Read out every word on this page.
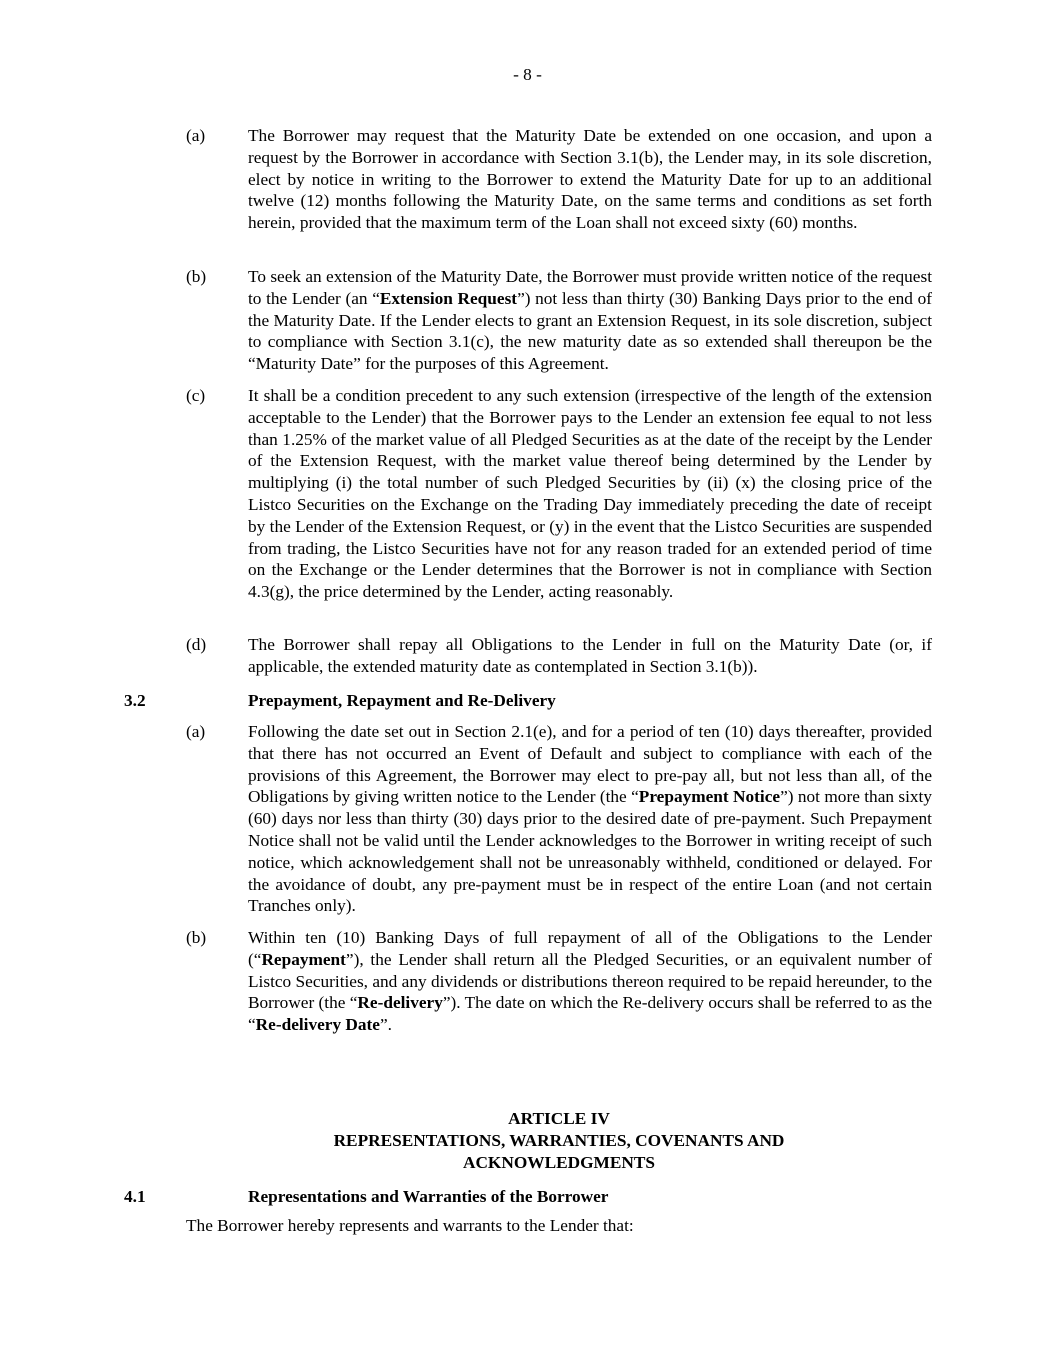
- 8 -
(a) The Borrower may request that the Maturity Date be extended on one occasion, and upon a request by the Borrower in accordance with Section 3.1(b), the Lender may, in its sole discretion, elect by notice in writing to the Borrower to extend the Maturity Date for up to an additional twelve (12) months following the Maturity Date, on the same terms and conditions as set forth herein, provided that the maximum term of the Loan shall not exceed sixty (60) months.
(b) To seek an extension of the Maturity Date, the Borrower must provide written notice of the request to the Lender (an “Extension Request”) not less than thirty (30) Banking Days prior to the end of the Maturity Date. If the Lender elects to grant an Extension Request, in its sole discretion, subject to compliance with Section 3.1(c), the new maturity date as so extended shall thereupon be the “Maturity Date” for the purposes of this Agreement.
(c) It shall be a condition precedent to any such extension (irrespective of the length of the extension acceptable to the Lender) that the Borrower pays to the Lender an extension fee equal to not less than 1.25% of the market value of all Pledged Securities as at the date of the receipt by the Lender of the Extension Request, with the market value thereof being determined by the Lender by multiplying (i) the total number of such Pledged Securities by (ii) (x) the closing price of the Listco Securities on the Exchange on the Trading Day immediately preceding the date of receipt by the Lender of the Extension Request, or (y) in the event that the Listco Securities are suspended from trading, the Listco Securities have not for any reason traded for an extended period of time on the Exchange or the Lender determines that the Borrower is not in compliance with Section 4.3(g), the price determined by the Lender, acting reasonably.
(d) The Borrower shall repay all Obligations to the Lender in full on the Maturity Date (or, if applicable, the extended maturity date as contemplated in Section 3.1(b)).
3.2	Prepayment, Repayment and Re-Delivery
(a) Following the date set out in Section 2.1(e), and for a period of ten (10) days thereafter, provided that there has not occurred an Event of Default and subject to compliance with each of the provisions of this Agreement, the Borrower may elect to pre-pay all, but not less than all, of the Obligations by giving written notice to the Lender (the “Prepayment Notice”) not more than sixty (60) days nor less than thirty (30) days prior to the desired date of pre-payment. Such Prepayment Notice shall not be valid until the Lender acknowledges to the Borrower in writing receipt of such notice, which acknowledgement shall not be unreasonably withheld, conditioned or delayed. For the avoidance of doubt, any pre-payment must be in respect of the entire Loan (and not certain Tranches only).
(b) Within ten (10) Banking Days of full repayment of all of the Obligations to the Lender (“Repayment”), the Lender shall return all the Pledged Securities, or an equivalent number of Listco Securities, and any dividends or distributions thereon required to be repaid hereunder, to the Borrower (the “Re-delivery”). The date on which the Re-delivery occurs shall be referred to as the “Re-delivery Date”.
ARTICLE IV
REPRESENTATIONS, WARRANTIES, COVENANTS AND
ACKNOWLEDGMENTS
4.1	Representations and Warranties of the Borrower
The Borrower hereby represents and warrants to the Lender that:
